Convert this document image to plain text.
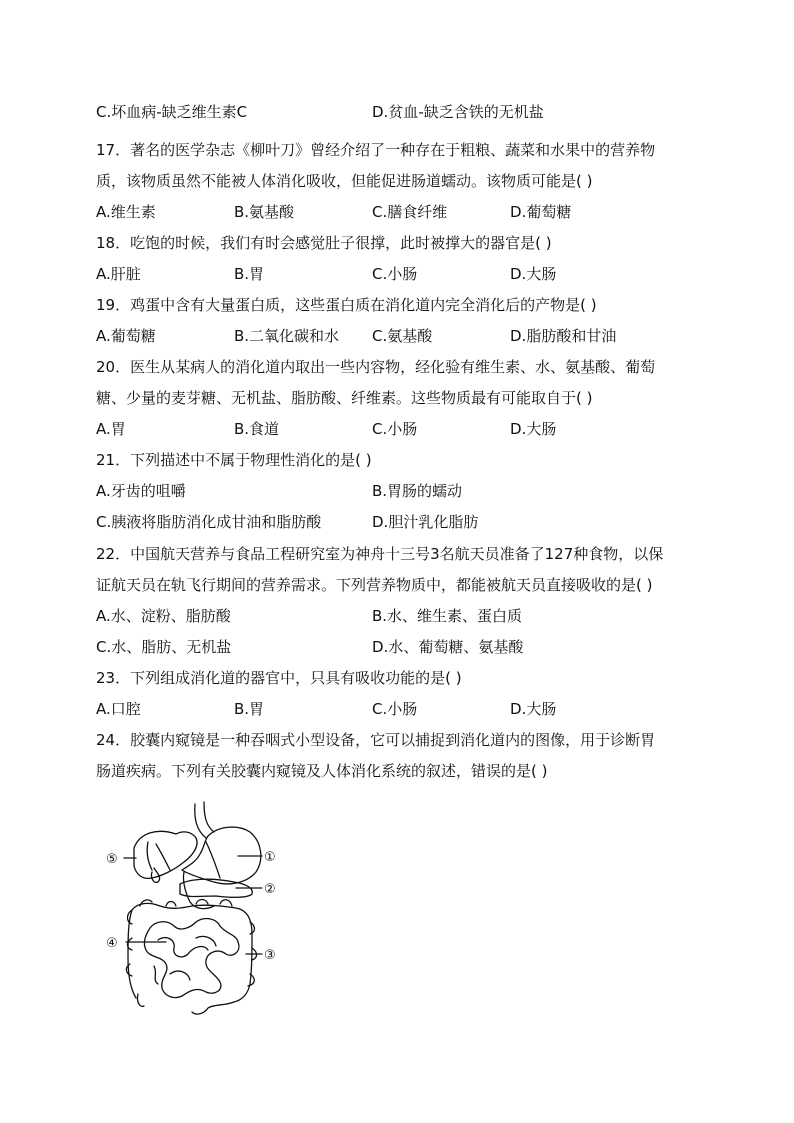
C.坏血病-缺乏维生素C	D.贫血-缺乏含铁的无机盐
17．著名的医学杂志《柳叶刀》曾经介绍了一种存在于粗粮、蔬菜和水果中的营养物
质，该物质虽然不能被人体消化吸收，但能促进肠道蠕动。该物质可能是( )
A.维生素	B.氨基酸	C.膳食纤维	D.葡萄糖
18．吃饱的时候，我们有时会感觉肚子很撑，此时被撑大的器官是( )
A.肝脏	B.胃	C.小肠	D.大肠
19．鸡蛋中含有大量蛋白质，这些蛋白质在消化道内完全消化后的产物是( )
A.葡萄糖	B.二氧化碳和水 C.氨基酸	D.脂肪酸和甘油
20．医生从某病人的消化道内取出一些内容物，经化验有维生素、水、氨基酸、葡萄
糖、少量的麦芽糖、无机盐、脂肪酸、纤维素。这些物质最有可能取自于( )
A.胃	B.食道	C.小肠	D.大肠
21．下列描述中不属于物理性消化的是( )
A.牙齿的咀嚼	B.胃肠的蠕动
C.胰液将脂肪消化成甘油和脂肪酸	D.胆汁乳化脂肪
22．中国航天营养与食品工程研究室为神舟十三号3名航天员准备了127种食物，以保
证航天员在轨飞行期间的营养需求。下列营养物质中，都能被航天员直接吸收的是( )
A.水、淀粉、脂肪酸	B.水、维生素、蛋白质
C.水、脂肪、无机盐	D.水、葡萄糖、氨基酸
23．下列组成消化道的器官中，只具有吸收功能的是( )
A.口腔	B.胃	C.小肠	D.大肠
24．胶囊内窥镜是一种吞咽式小型设备，它可以捕捉到消化道内的图像，用于诊断胃
肠道疾病。下列有关胶囊内窥镜及人体消化系统的叙述，错误的是( )
①
②
③
④
⑤
